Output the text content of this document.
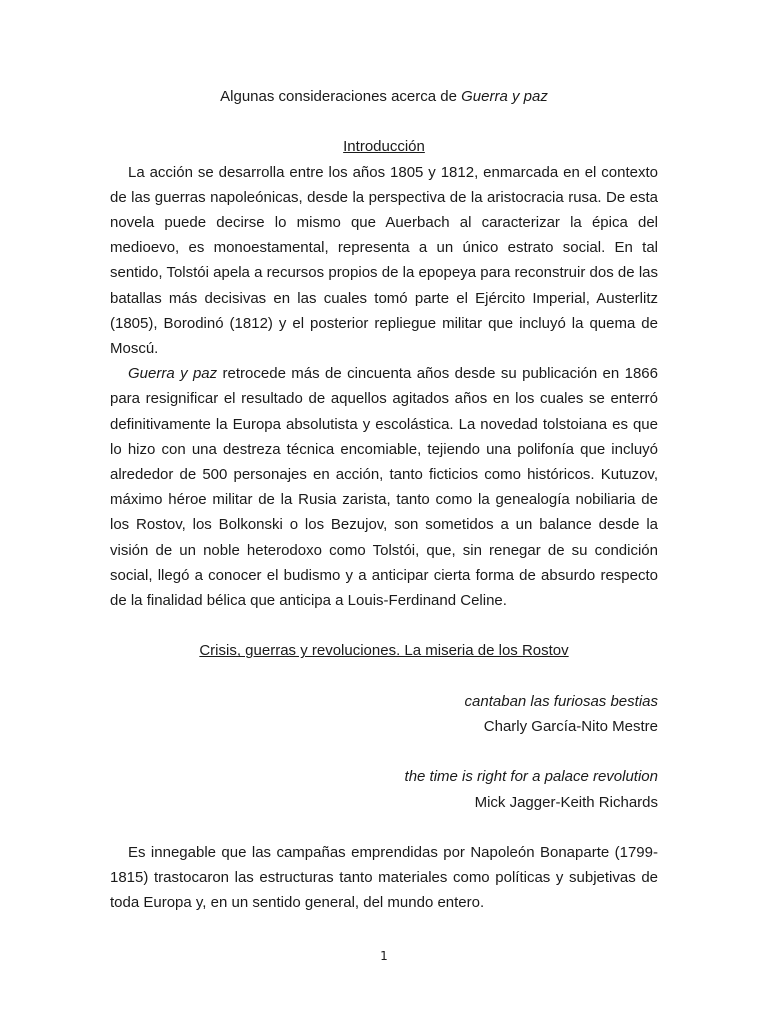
Algunas consideraciones acerca de Guerra y paz

Introducción

La acción se desarrolla entre los años 1805 y 1812, enmarcada en el contexto de las guerras napoleónicas, desde la perspectiva de la aristocracia rusa. De esta novela puede decirse lo mismo que Auerbach al caracterizar la épica del medioevo, es monoestamental, representa a un único estrato social. En tal sentido, Tolstói apela a recursos propios de la epopeya para reconstruir dos de las batallas más decisivas en las cuales tomó parte el Ejército Imperial, Austerlitz (1805), Borodinó (1812) y el posterior repliegue militar que incluyó la quema de Moscú.

Guerra y paz retrocede más de cincuenta años desde su publicación en 1866 para resignificar el resultado de aquellos agitados años en los cuales se enterró definitivamente la Europa absolutista y escolástica. La novedad tolstoiana es que lo hizo con una destreza técnica encomiable, tejiendo una polifonía que incluyó alrededor de 500 personajes en acción, tanto ficticios como históricos. Kutuzov, máximo héroe militar de la Rusia zarista, tanto como la genealogía nobiliaria de los Rostov, los Bolkonski o los Bezujov, son sometidos a un balance desde la visión de un noble heterodoxo como Tolstói, que, sin renegar de su condición social, llegó a conocer el budismo y a anticipar cierta forma de absurdo respecto de la finalidad bélica que anticipa a Louis-Ferdinand Celine.

Crisis, guerras y revoluciones. La miseria de los Rostov

cantaban las furiosas bestias
Charly García-Nito Mestre

the time is right for a palace revolution
Mick Jagger-Keith Richards

Es innegable que las campañas emprendidas por Napoleón Bonaparte (1799-1815) trastocaron las estructuras tanto materiales como políticas y subjetivas de toda Europa y, en un sentido general, del mundo entero.

1
